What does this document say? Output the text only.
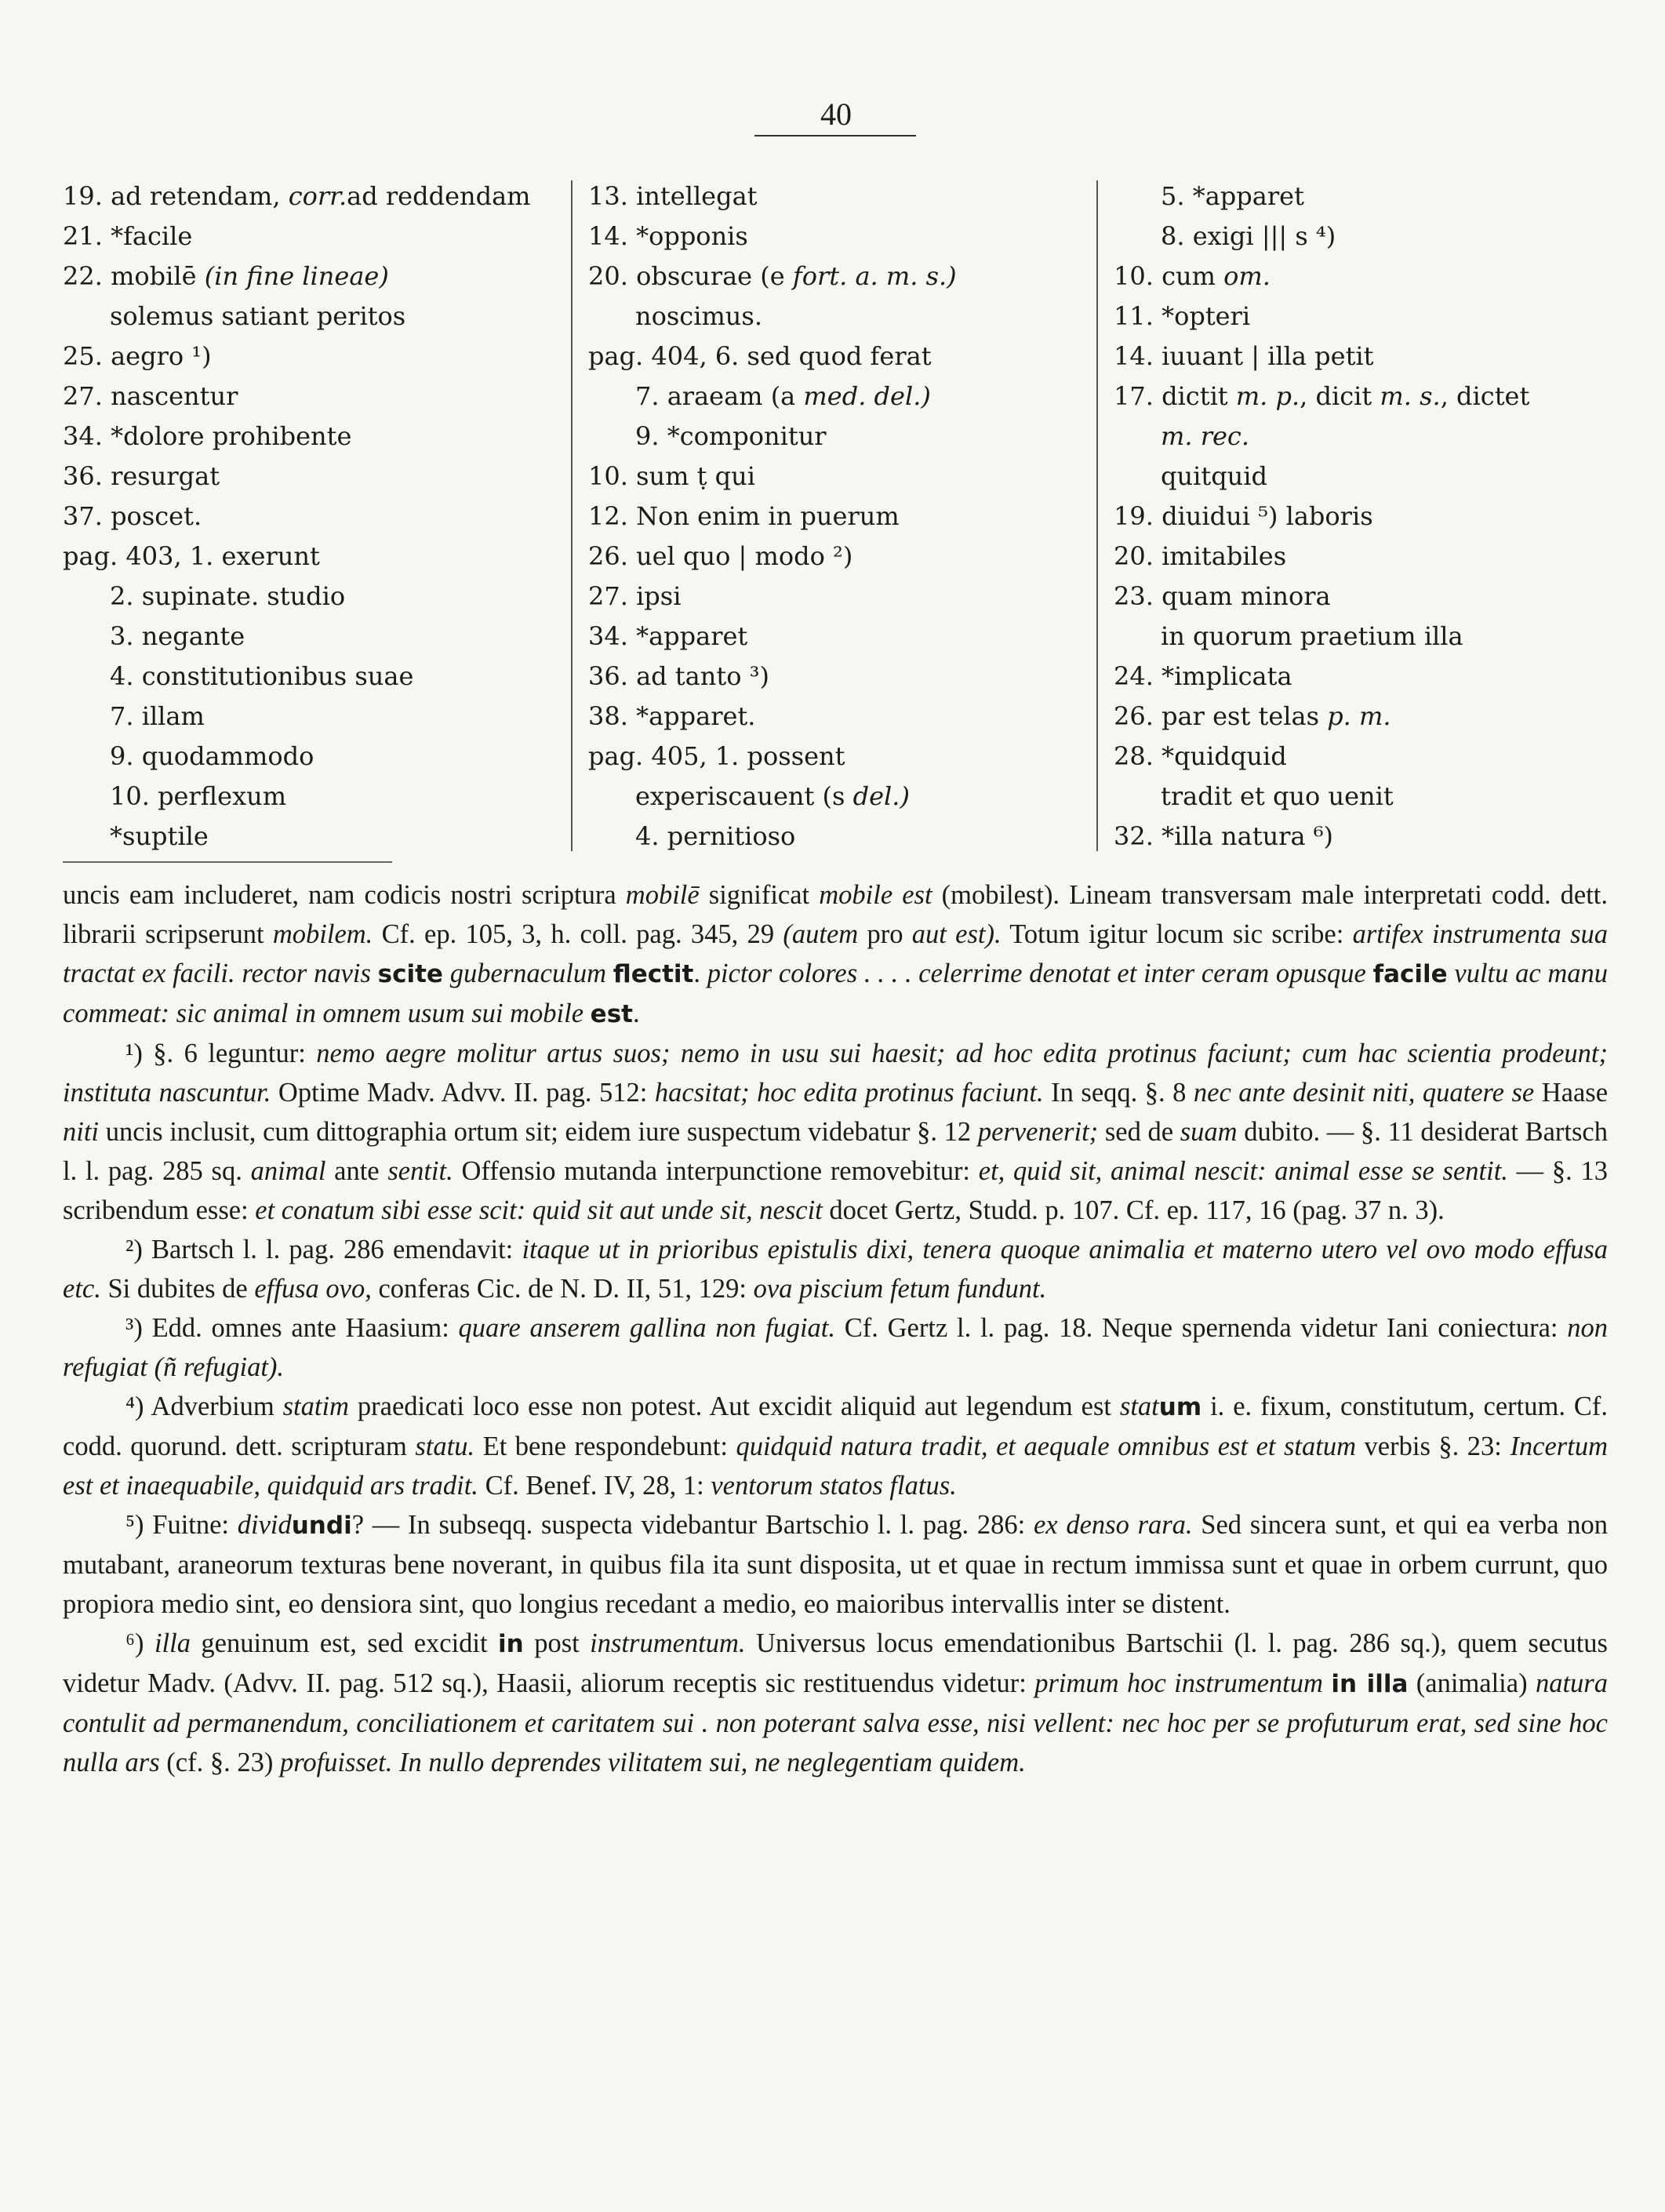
40
19. ad retendam, corr.ad reddendam
21. *facile
22. mobilē (in fine lineae)
solemus satiant peritos
25. aegro ¹)
27. nascentur
34. *dolore prohibente
36. resurgat
37. poscet.
pag. 403, 1. exerunt
2. supinate. studio
3. negante
4. constitutionibus suae
7. illam
9. quodammodo
10. perflexum
*suptile
13. intellegat
14. *opponis
20. obscurae (e fort. a. m. s.)
noscimus.
pag. 404, 6. sed quod ferat
7. araeam (a med. del.)
9. *componitur
10. sum ṭ qui
12. Non enim in puerum
26. uel quo | modo ²)
27. ipsi
34. *apparet
36. ad tanto ³)
38. *apparet.
pag. 405, 1. possent
experiscauent (s del.)
4. pernitioso
5. *apparet
8. exigi ||| s ⁴)
10. cum om.
11. *opteri
14. iuuant | illa petit
17. dictit m. p., dicit m. s., dictet
m. rec.
quitquid
19. diuidui ⁵) laboris
20. imitabiles
23. quam minora
in quorum praetium illa
24. *implicata
26. par est telas p. m.
28. *quidquid
tradit et quo uenit
32. *illa natura ⁶)

uncis eam includeret, nam codicis nostri scriptura mobilē significat mobile est (mobilest). Lineam transversam male interpretati codd. dett. librarii scripserunt mobilem. Cf. ep. 105, 3, h. coll. pag. 345, 29 (autem pro aut est). Totum igitur locum sic scribe: artifex instrumenta sua tractat ex facili. rector navis scite gubernaculum flectit. pictor colores . . . . celerrime denotat et inter ceram opusque facile vultu ac manu commeat: sic animal in omnem usum sui mobile est.

¹) §. 6 leguntur: nemo aegre molitur artus suos; nemo in usu sui haesit; ad hoc edita protinus faciunt; cum hac scientia prodeunt; instituta nascuntur. Optime Madv. Advv. II. pag. 512: hacsitat; hoc edita protinus faciunt. In seqq. §. 8 nec ante desinit niti, quatere se Haase niti uncis inclusit, cum dittographia ortum sit; eidem iure suspectum videbatur §. 12 pervenerit; sed de suam dubito. — §. 11 desiderat Bartsch l. l. pag. 285 sq. animal ante sentit. Offensio mutanda interpunctione removebitur: et, quid sit, animal nescit: animal esse se sentit. — §. 13 scribendum esse: et conatum sibi esse scit: quid sit aut unde sit, nescit docet Gertz, Studd. p. 107. Cf. ep. 117, 16 (pag. 37 n. 3).

²) Bartsch l. l. pag. 286 emendavit: itaque ut in prioribus epistulis dixi, tenera quoque animalia et materno utero vel ovo modo effusa etc. Si dubites de effusa ovo, conferas Cic. de N. D. II, 51, 129: ova piscium fetum fundunt.

³) Edd. omnes ante Haasium: quare anserem gallina non fugiat. Cf. Gertz l. l. pag. 18. Neque spernenda videtur Iani coniectura: non refugiat (ñ refugiat).

⁴) Adverbium statim praedicati loco esse non potest. Aut excidit aliquid aut legendum est statum i. e. fixum, constitutum, certum. Cf. codd. quorund. dett. scripturam statu. Et bene respondebunt: quidquid natura tradit, et aequale omnibus est et statum verbis §. 23: Incertum est et inaequabile, quidquid ars tradit. Cf. Benef. IV, 28, 1: ventorum statos flatus.

⁵) Fuitne: dividundi? — In subseqq. suspecta videbantur Bartschio l. l. pag. 286: ex denso rara. Sed sincera sunt, et qui ea verba non mutabant, araneorum texturas bene noverant, in quibus fila ita sunt disposita, ut et quae in rectum immissa sunt et quae in orbem currunt, quo propiora medio sint, eo densiora sint, quo longius recedant a medio, eo maioribus intervallis inter se distent.

⁶) illa genuinum est, sed excidit in post instrumentum. Universus locus emendationibus Bartschii (l. l. pag. 286 sq.), quem secutus videtur Madv. (Advv. II. pag. 512 sq.), Haasii, aliorum receptis sic restituendus videtur: primum hoc instrumentum in illa (animalia) natura contulit ad permanendum, conciliationem et caritatem sui . non poterant salva esse, nisi vellent: nec hoc per se profuturum erat, sed sine hoc nulla ars (cf. §. 23) profuisset. In nullo deprendes vilitatem sui, ne neglegentiam quidem.
